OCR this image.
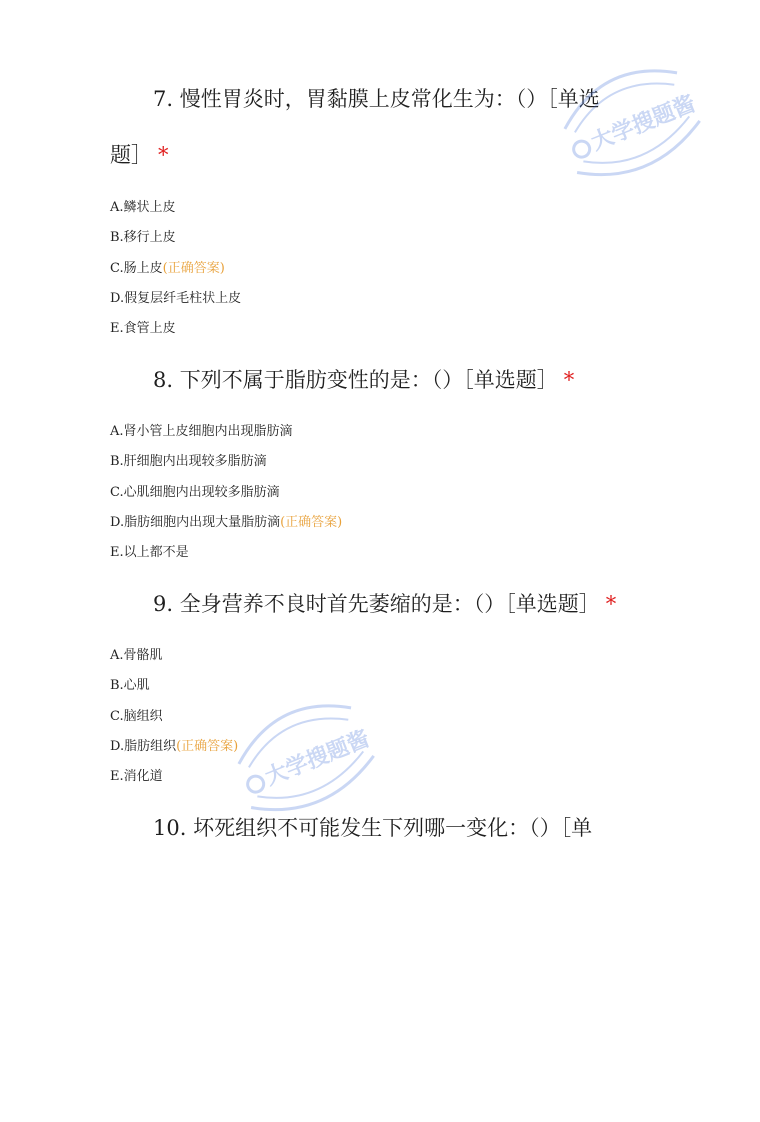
7. 慢性胃炎时，胃黏膜上皮常化生为：（）［单选
题］ *
A.鳞状上皮
B.移行上皮
C.肠上皮(正确答案)
D.假复层纤毛柱状上皮
E.食管上皮
8. 下列不属于脂肪变性的是：（）［单选题］ *
A.肾小管上皮细胞内出现脂肪滴
B.肝细胞内出现较多脂肪滴
C.心肌细胞内出现较多脂肪滴
D.脂肪细胞内出现大量脂肪滴(正确答案)
E.以上都不是
9. 全身营养不良时首先萎缩的是：（）［单选题］ *
A.骨骼肌
B.心肌
C.脑组织
D.脂肪组织(正确答案)
E.消化道
10. 坏死组织不可能发生下列哪一变化：（）［单
大学搜题酱
大学搜题酱
